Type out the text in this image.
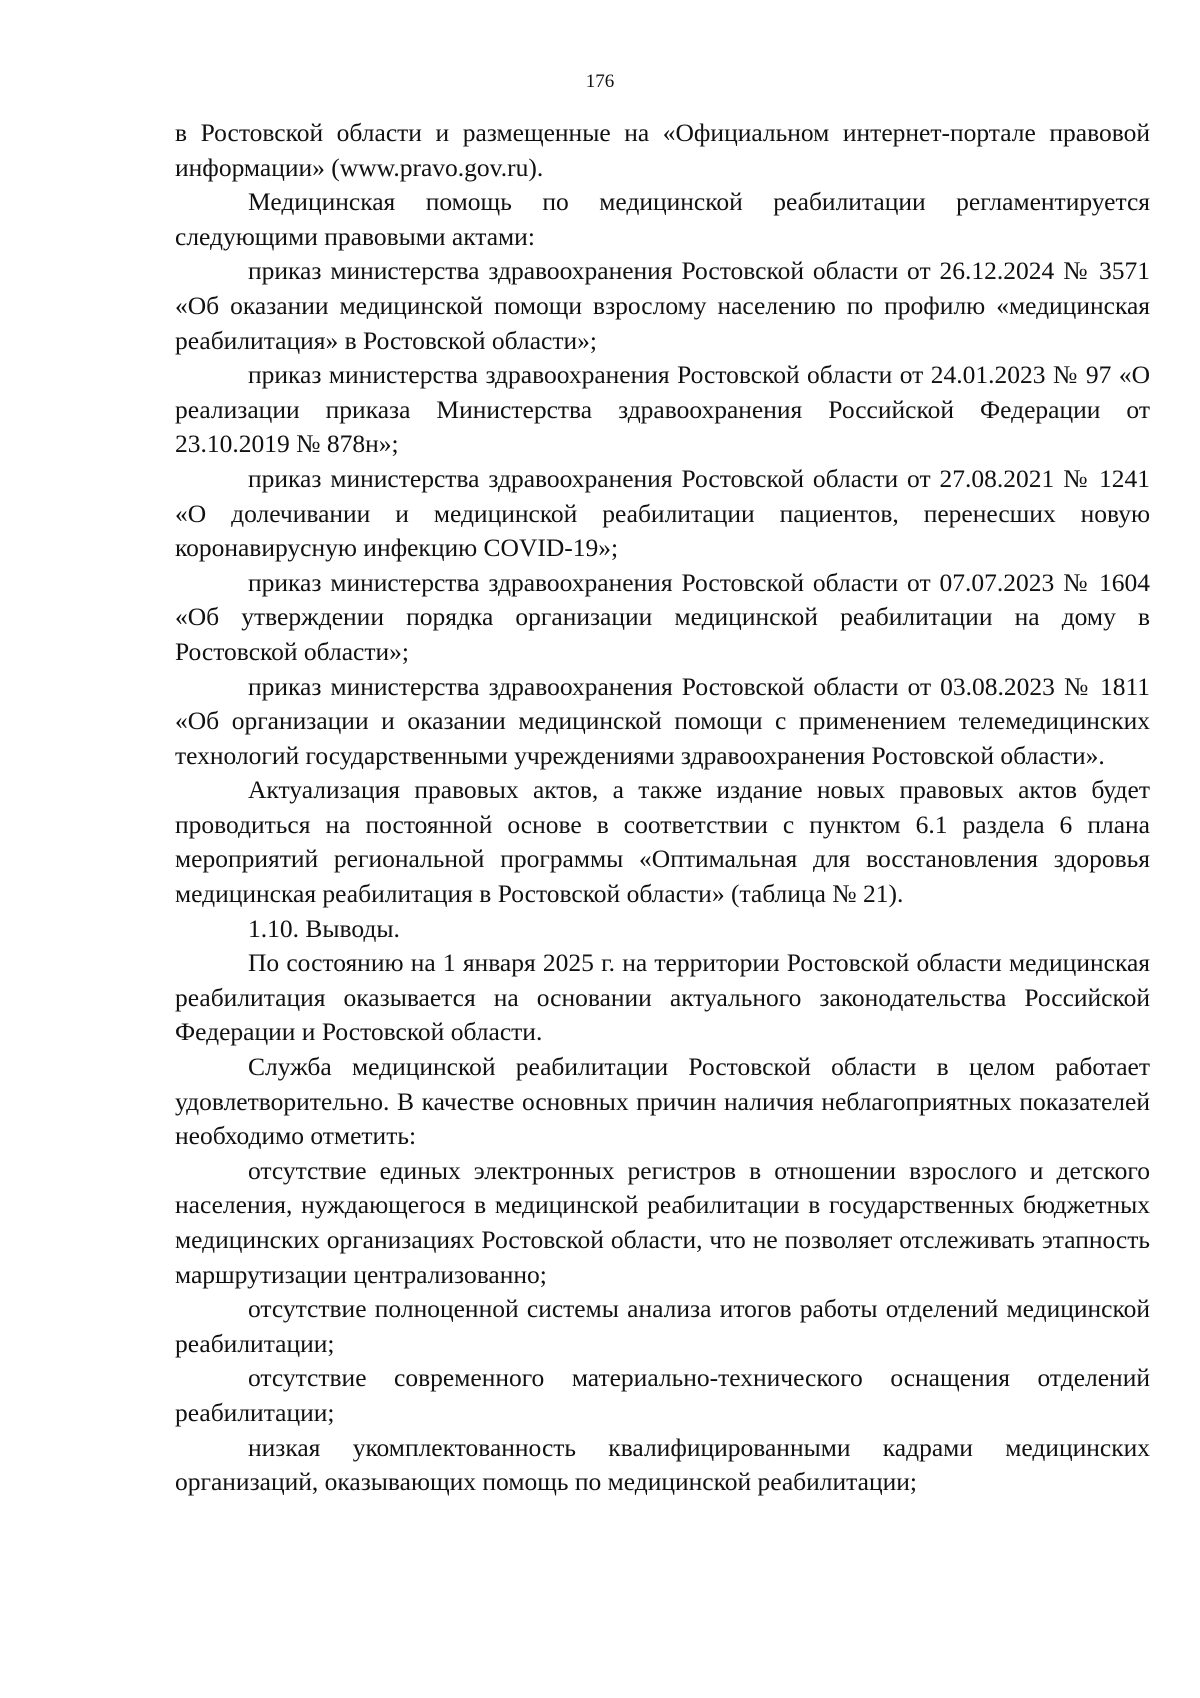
176

в Ростовской области и размещенные на «Официальном интернет-портале правовой информации» (www.pravo.gov.ru).

Медицинская помощь по медицинской реабилитации регламентируется следующими правовыми актами:

приказ министерства здравоохранения Ростовской области от 26.12.2024 № 3571 «Об оказании медицинской помощи взрослому населению по профилю «медицинская реабилитация» в Ростовской области»;

приказ министерства здравоохранения Ростовской области от 24.01.2023 № 97 «О реализации приказа Министерства здравоохранения Российской Федерации от 23.10.2019 № 878н»;

приказ министерства здравоохранения Ростовской области от 27.08.2021 № 1241 «О долечивании и медицинской реабилитации пациентов, перенесших новую коронавирусную инфекцию COVID-19»;

приказ министерства здравоохранения Ростовской области от 07.07.2023 № 1604 «Об утверждении порядка организации медицинской реабилитации на дому в Ростовской области»;

приказ министерства здравоохранения Ростовской области от 03.08.2023 № 1811 «Об организации и оказании медицинской помощи с применением телемедицинских технологий государственными учреждениями здравоохранения Ростовской области».

Актуализация правовых актов, а также издание новых правовых актов будет проводиться на постоянной основе в соответствии с пунктом 6.1 раздела 6 плана мероприятий региональной программы «Оптимальная для восстановления здоровья медицинская реабилитация в Ростовской области» (таблица № 21).

1.10. Выводы.

По состоянию на 1 января 2025 г. на территории Ростовской области медицинская реабилитация оказывается на основании актуального законодательства Российской Федерации и Ростовской области.

Служба медицинской реабилитации Ростовской области в целом работает удовлетворительно. В качестве основных причин наличия неблагоприятных показателей необходимо отметить:

отсутствие единых электронных регистров в отношении взрослого и детского населения, нуждающегося в медицинской реабилитации в государственных бюджетных медицинских организациях Ростовской области, что не позволяет отслеживать этапность маршрутизации централизованно;

отсутствие полноценной системы анализа итогов работы отделений медицинской реабилитации;

отсутствие современного материально-технического оснащения отделений реабилитации;

низкая укомплектованность квалифицированными кадрами медицинских организаций, оказывающих помощь по медицинской реабилитации;
